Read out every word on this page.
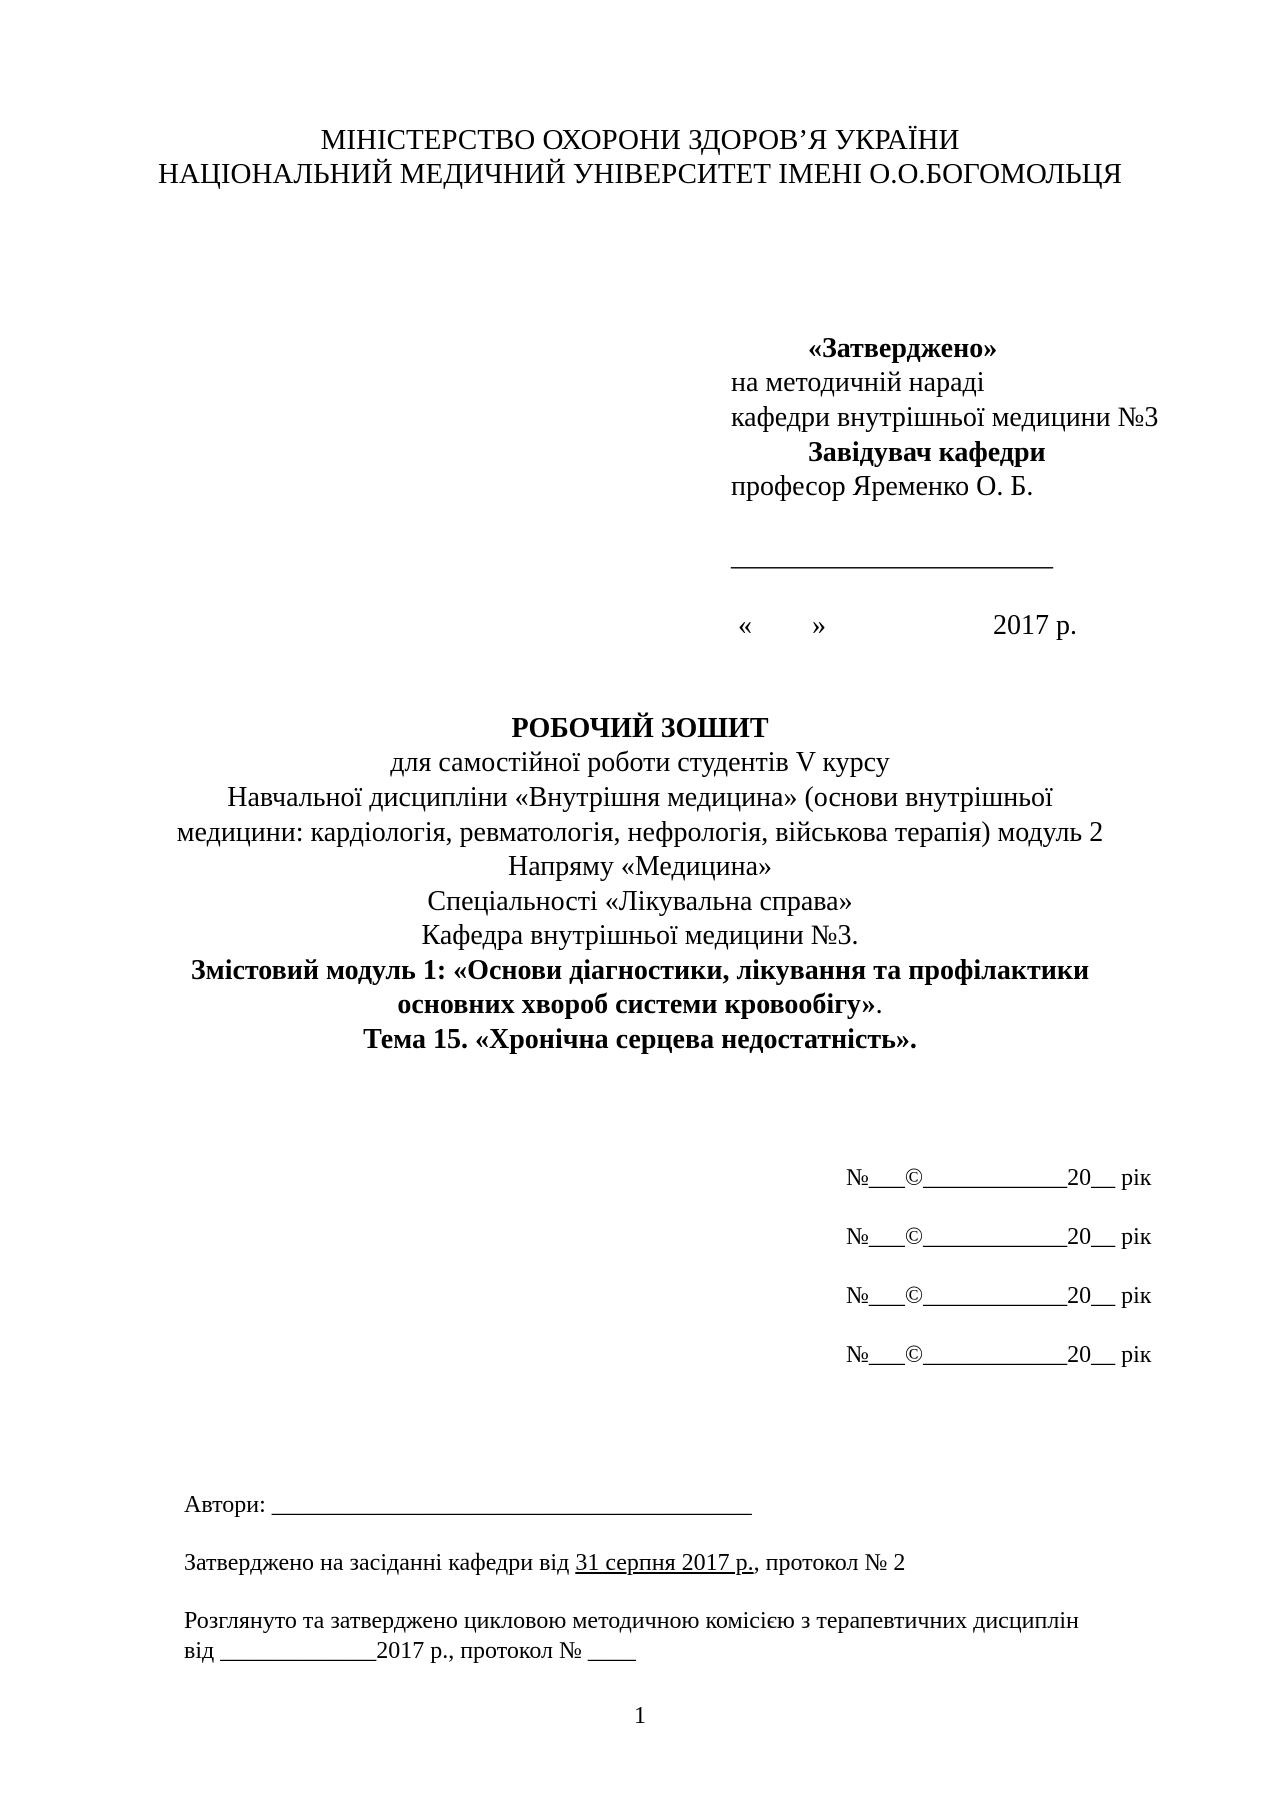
МІНІСТЕРСТВО ОХОРОНИ ЗДОРОВ’Я УКРАЇНИ
НАЦІОНАЛЬНИЙ МЕДИЧНИЙ УНІВЕРСИТЕТ ІМЕНІ О.О.БОГОМОЛЬЦЯ
«Затверджено»
на методичній нараді
кафедри внутрішньої медицини №3
Завідувач кафедри
професор Яременко О. Б.
_______________________
« »	2017 р.
РОБОЧИЙ ЗОШИТ
для самостійної роботи студентів V курсу
Навчальної дисципліни «Внутрішня медицина» (основи внутрішньої
медицини: кардіологія, ревматологія, нефрологія, військова терапія) модуль 2
Напряму «Медицина»
Спеціальності «Лікувальна справа»
Кафедра внутрішньої медицини №3.
Змістовий модуль 1: «Основи діагностики, лікування та профілактики
основних хвороб системи кровообігу».
Тема 15. «Хронічна серцева недостатність».
№___©____________20__ рік
№___©____________20__ рік
№___©____________20__ рік
№___©____________20__ рік
Автори: ________________________________________
Затверджено на засіданні кафедри від 31 серпня 2017 р., протокол № 2
Розглянуто та затверджено цикловою методичною комісією з терапевтичних дисциплін
від _____________2017 р., протокол № ____
1
